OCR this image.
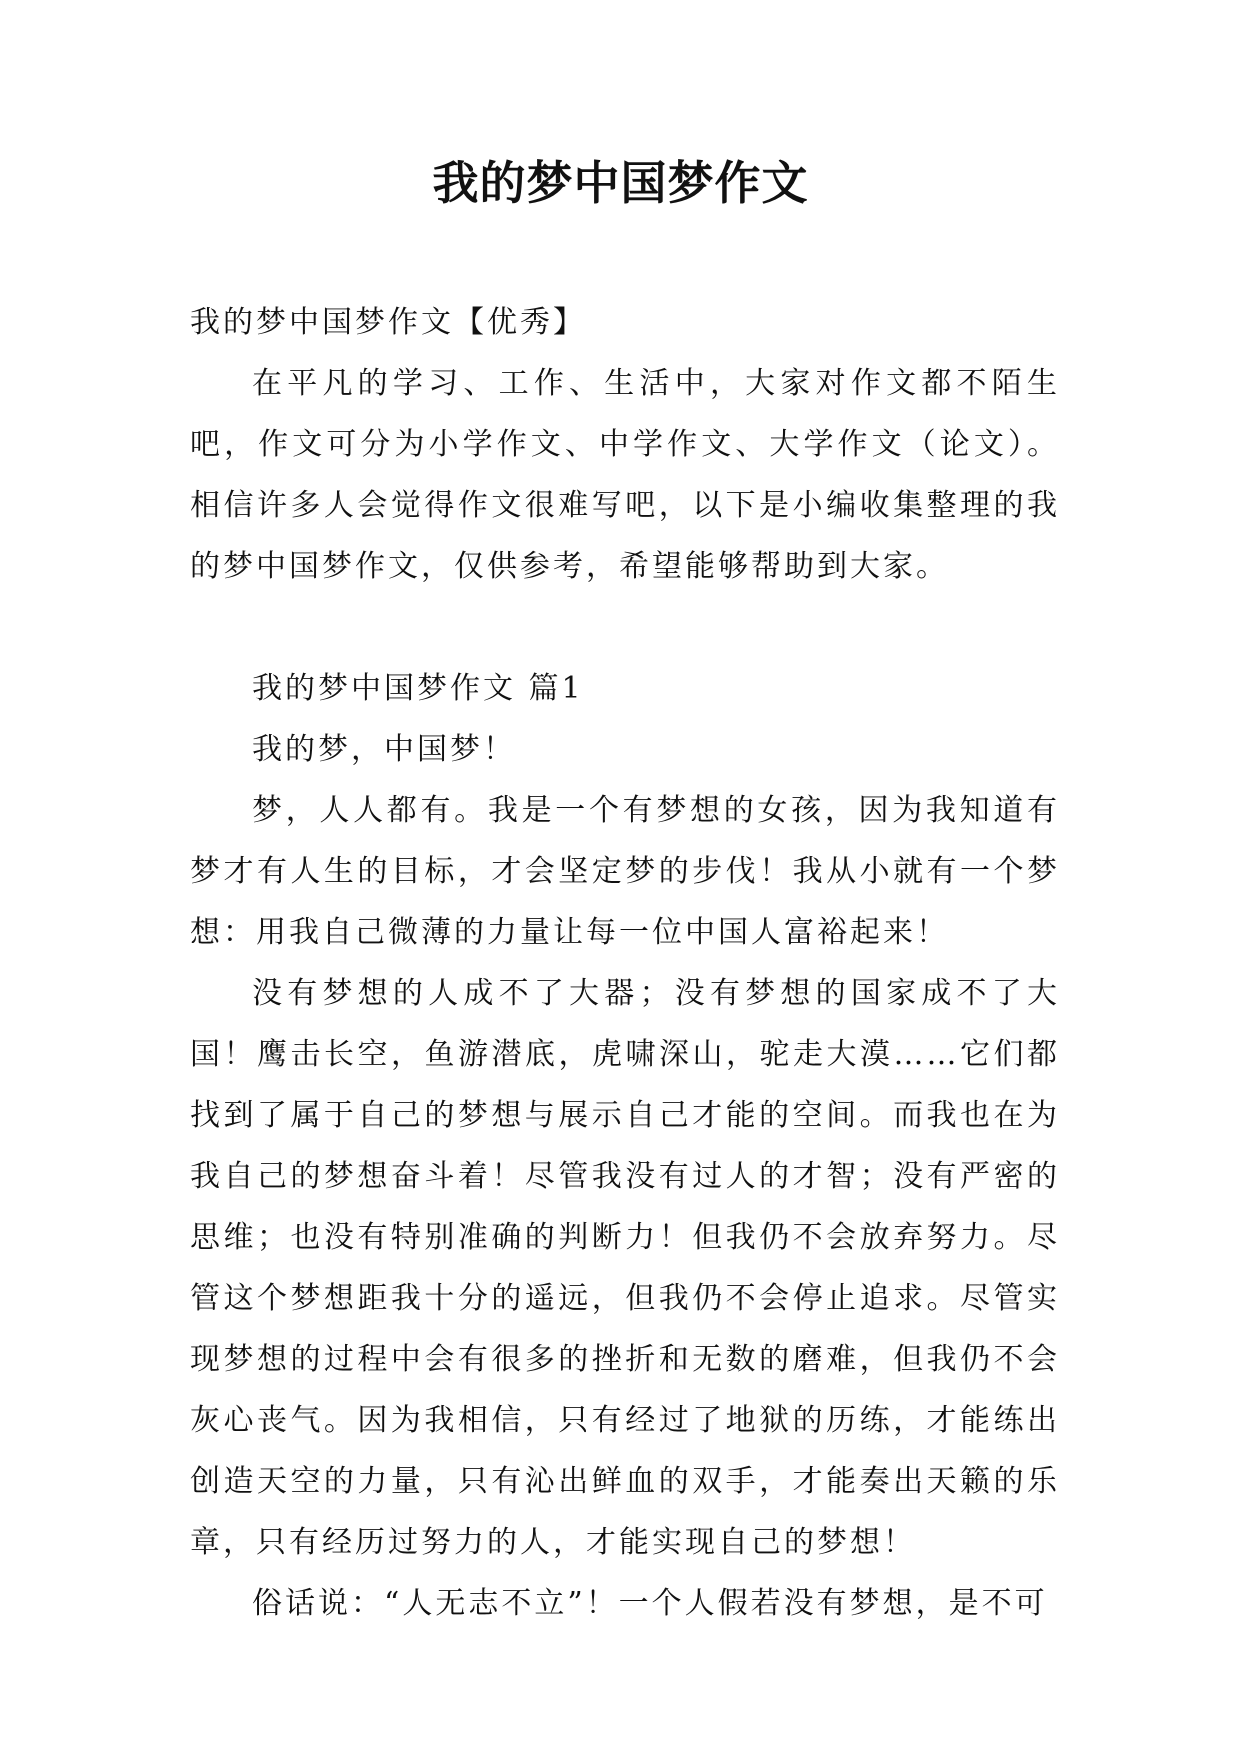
我的梦中国梦作文

我的梦中国梦作文【优秀】

在平凡的学习、工作、生活中，大家对作文都不陌生吧，作文可分为小学作文、中学作文、大学作文（论文）。相信许多人会觉得作文很难写吧，以下是小编收集整理的我的梦中国梦作文，仅供参考，希望能够帮助到大家。

我的梦中国梦作文 篇1

我的梦，中国梦！

梦，人人都有。我是一个有梦想的女孩，因为我知道有梦才有人生的目标，才会坚定梦的步伐！我从小就有一个梦想：用我自己微薄的力量让每一位中国人富裕起来！

没有梦想的人成不了大器；没有梦想的国家成不了大国！鹰击长空，鱼游潜底，虎啸深山，驼走大漠……它们都找到了属于自己的梦想与展示自己才能的空间。而我也在为我自己的梦想奋斗着！尽管我没有过人的才智；没有严密的思维；也没有特别准确的判断力！但我仍不会放弃努力。尽管这个梦想距我十分的遥远，但我仍不会停止追求。尽管实现梦想的过程中会有很多的挫折和无数的磨难，但我仍不会灰心丧气。因为我相信，只有经过了地狱的历练，才能练出创造天空的力量，只有沁出鲜血的双手，才能奏出天籁的乐章，只有经历过努力的人，才能实现自己的梦想！

俗话说：“人无志不立”！一个人假若没有梦想，是不可
